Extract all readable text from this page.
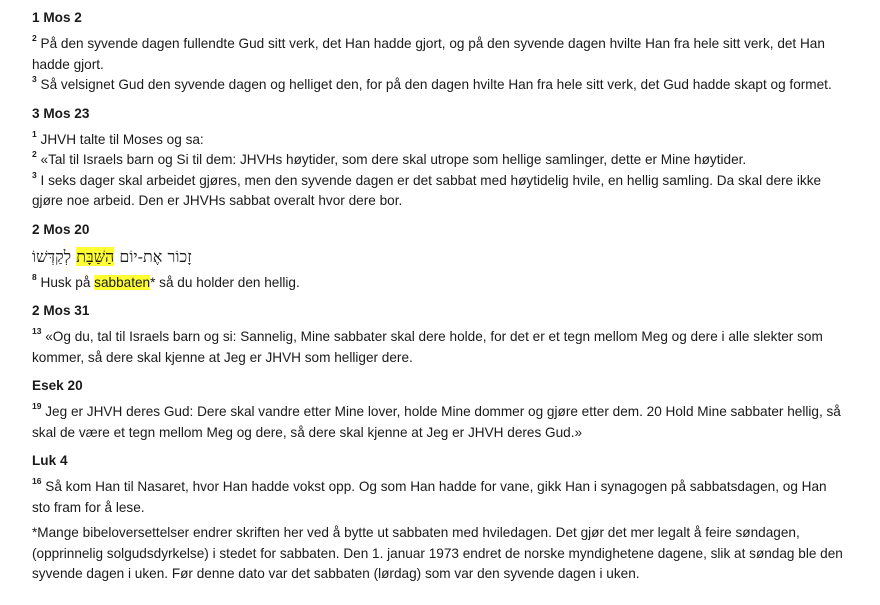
1 Mos 2

$^2$ På den syvende dagen fullendte Gud sitt verk, det Han hadde gjort, og på den syvende dagen hvilte Han fra hele sitt verk, det Han hadde gjort.

$^3$ Så velsignet Gud den syvende dagen og helliget den, for på den dagen hvilte Han fra hele sitt verk, det Gud hadde skapt og formet.

3 Mos 23

$^1$ JHVH talte til Moses og sa:

$^2$ «Tal til Israels barn og Si til dem: JHVHs høytider, som dere skal utrope som hellige samlinger, dette er Mine høytider.

$^3$ I seks dager skal arbeidet gjøres, men den syvende dagen er det sabbat med høytidelig hvile, en hellig samling. Da skal dere ikke gjøre noe arbeid. Den er JHVHs sabbat overalt hvor dere bor.

2 Mos 20

זָכוֹר אֶת-יוֹם הַשַּׁבָּת לְקַדְּשׁוֹ

$^8$ Husk på sabbaten* så du holder den hellig.

2 Mos 31

$^{13}$ «Og du, tal til Israels barn og si: Sannelig, Mine sabbater skal dere holde, for det er et tegn mellom Meg og dere i alle slekter som kommer, så dere skal kjenne at Jeg er JHVH som helliger dere.

Esek 20

$^{19}$ Jeg er JHVH deres Gud: Dere skal vandre etter Mine lover, holde Mine dommer og gjøre etter dem. 20 Hold Mine sabbater hellig, så skal de være et tegn mellom Meg og dere, så dere skal kjenne at Jeg er JHVH deres Gud.»

Luk 4

$^{16}$ Så kom Han til Nasaret, hvor Han hadde vokst opp. Og som Han hadde for vane, gikk Han i synagogen på sabbatsdagen, og Han sto fram for å lese.

*Mange bibeloversettelser endrer skriften her ved å bytte ut sabbaten med hviledagen. Det gjør det mer legalt å feire søndagen, (opprinnelig solgudsdyrkelse) i stedet for sabbaten. Den 1. januar 1973 endret de norske myndighetene dagene, slik at søndag ble den syvende dagen i uken. Før denne dato var det sabbaten (lørdag) som var den syvende dagen i uken.
